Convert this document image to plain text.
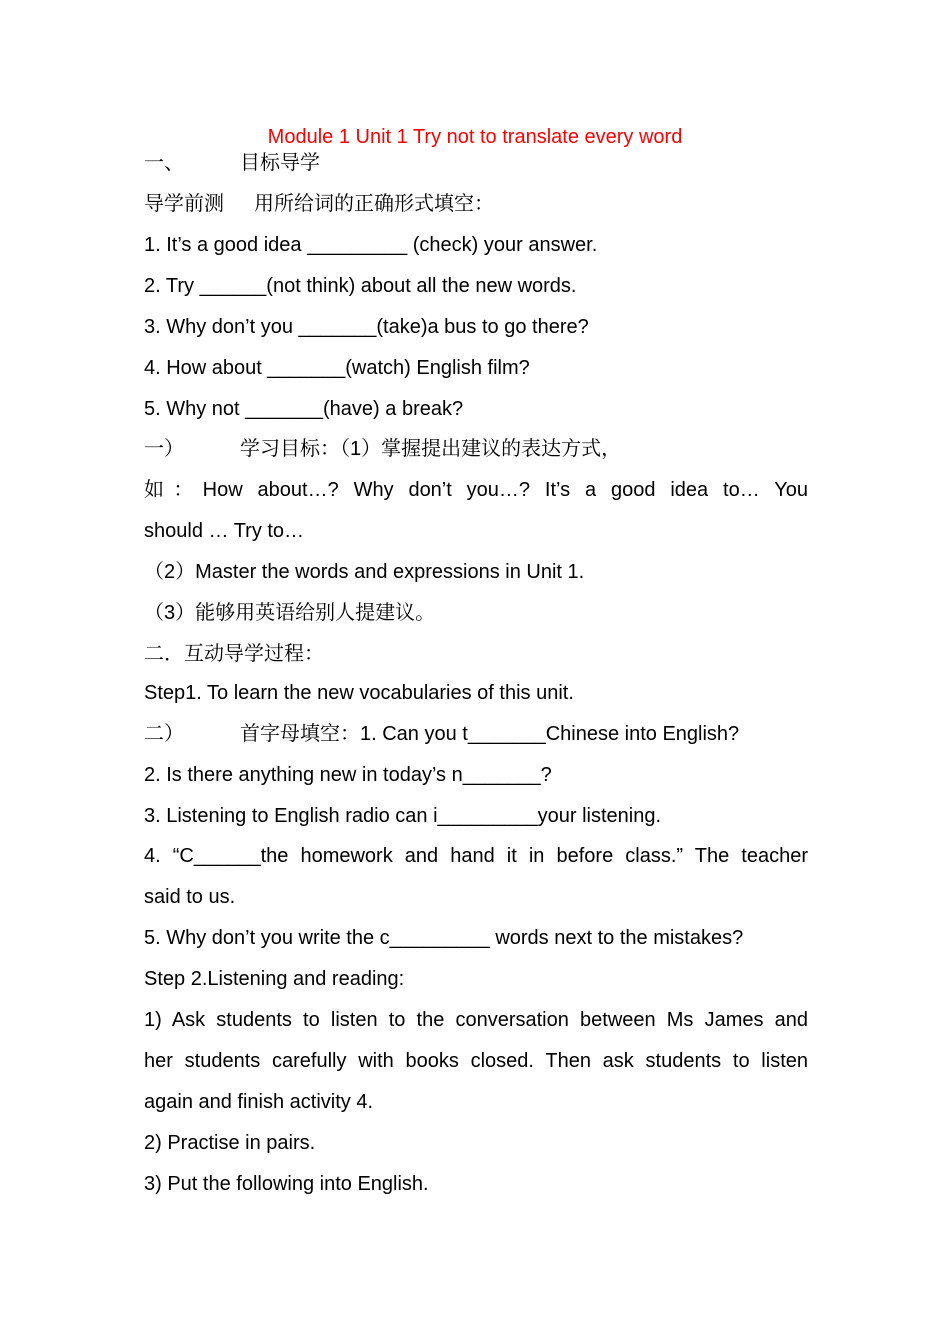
Module 1 Unit 1 Try not to translate every word
一、	目标导学
导学前测 用所给词的正确形式填空：
1. It’s a good idea _________ (check) your answer.
2. Try ______(not think) about all the new words.
3. Why don’t you _______(take)a bus to go there?
4. How about _______(watch) English film?
5. Why not _______(have) a break?
一）	学习目标：（1）掌握提出建议的表达方式，
如：How about…? Why don’t you…? It’s a good idea to… You
should … Try to…
（2）Master the words and expressions in Unit 1.
（3）能够用英语给别人提建议。
二．互动导学过程：
Step1. To learn the new vocabularies of this unit.
二）	首字母填空：1. Can you t_______Chinese into English?
2. Is there anything new in today’s n_______?
3. Listening to English radio can i_________your listening.
4. “C______the homework and hand it in before class.” The teacher
said to us.
5. Why don’t you write the c_________ words next to the mistakes?
Step 2.Listening and reading:
1) Ask students to listen to the conversation between Ms James and
her students carefully with books closed. Then ask students to listen
again and finish activity 4.
2) Practise in pairs.
3) Put the following into English.
